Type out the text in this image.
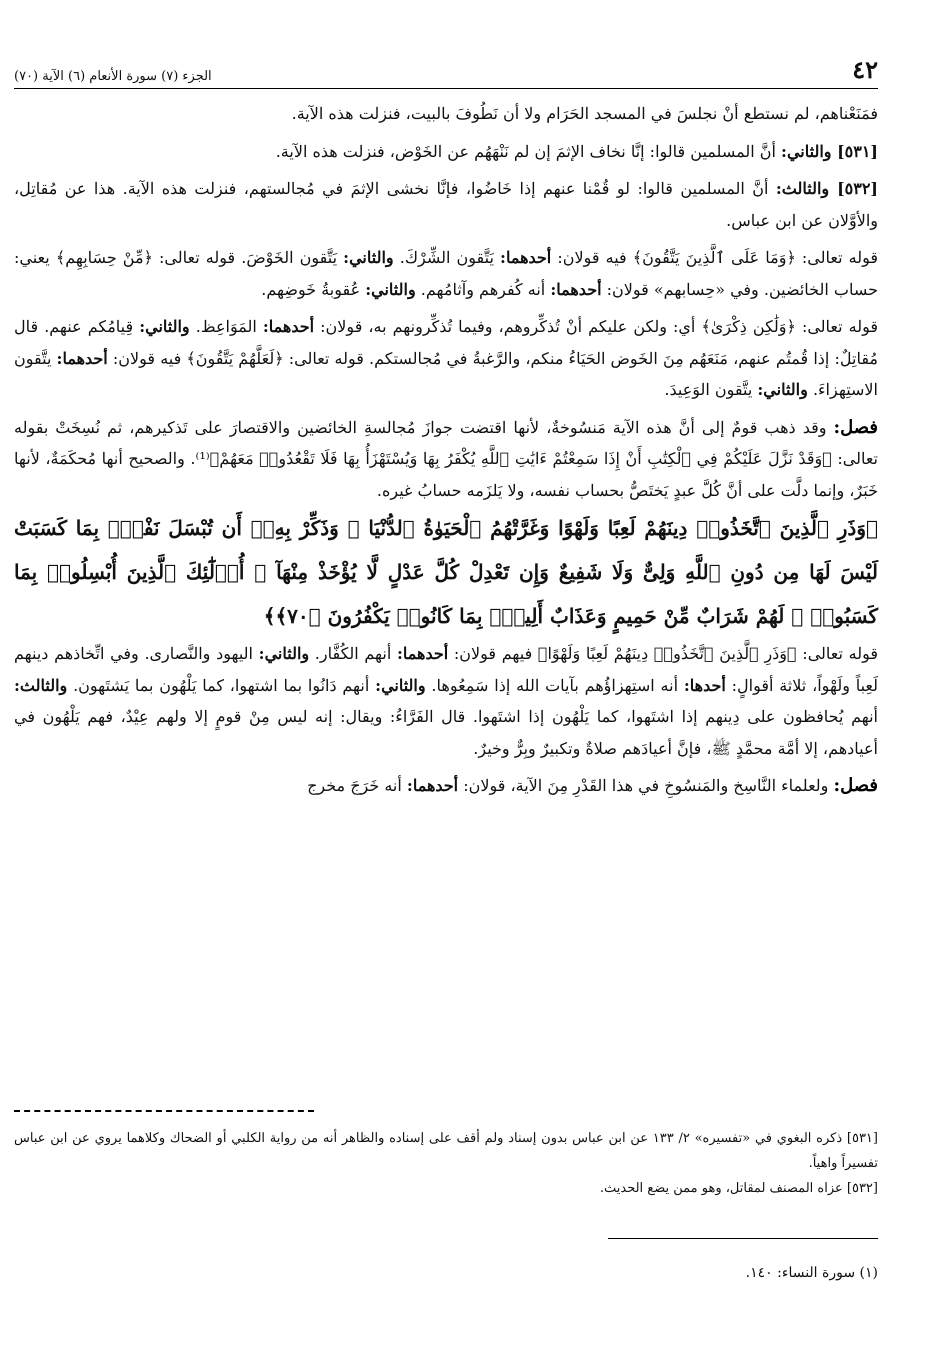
٤٢
الجزء (٧) سورة الأنعام (٦) الآية (٧٠)

فمَنَعْناهم، لم نستطع أنْ نجلسَ في المسجد الحَرَام ولا أن نَطُوفَ بالبيت، فنزلت هذه الآية.

[٥٣١] والثاني: أنَّ المسلمين قالوا: إنَّا نخاف الإثمَ إن لم نَنْهَهُم عن الخَوْض، فنزلت هذه الآية.

[٥٣٢] والثالث: أنَّ المسلمين قالوا: لو قُمْنا عنهم إذا خَاضُوا، فإنَّا نخشى الإثمَ في مُجالستهم، فنزلت هذه الآية. هذا عن مُقاتِل، والأوَّلان عن ابن عباس.

قوله تعالى: ﴿وَمَا عَلَى ٱلَّذِينَ يَتَّقُونَ﴾ فيه قولان: أحدهما: يَتَّقون الشِّرْكَ. والثاني: يَتَّقون الخَوْضَ. قوله تعالى: ﴿مِّنْ حِسَابِهِم﴾ يعني: حساب الخائضين. وفي «حِسابهم» قولان: أحدهما: أنه كُفرهم وآثامُهم. والثاني: عُقوبةُ خَوضِهم.

قوله تعالى: ﴿وَلَٰكِن ذِكْرَىٰ﴾ أي: ولكن عليكم أنْ تُذكِّروهم، وفيما تُذكِّرونهم به، قولان: أحدهما: المَوَاعِظ. والثاني: قِيامُكم عنهم. قال مُقاتِلٌ: إذا قُمتُم عنهم، مَنَعَهُم مِنَ الخَوض الحَيَاءُ منكم، والرَّغبةُ في مُجالستكم. قوله تعالى: ﴿لَعَلَّهُمْ يَتَّقُونَ﴾ فيه قولان: أحدهما: يتَّقون الاستِهزاءَ. والثاني: يتَّقون الوَعِيدَ.

فصل: وقد ذهب قومٌ إلى أنَّ هذه الآية مَنسُوخةٌ، لأنها اقتضت جوازَ مُجالسةِ الخائضين والاقتصارَ على تَذكيرهم، ثم نُسِخَتْ بقوله تعالى: ﴿وَقَدْ نَزَّلَ عَلَيْكُمْ فِي ٱلْكِتَٰبِ أَنْ إِذَا سَمِعْتُمْ ءَايَٰتِ ٱللَّهِ يُكْفَرُ بِهَا وَيُسْتَهْزَأُ بِهَا فَلَا تَقْعُدُوا۟ مَعَهُمْ﴾⁽¹⁾. والصحيح أنها مُحكَمَةٌ، لأنها خَبَرٌ، وإنما دلَّت على أنَّ كُلَّ عبدٍ يَختَصُّ بحساب نفسه، ولا يَلزَمه حسابُ غيره.

﴿وَذَرِ ٱلَّذِينَ ٱتَّخَذُوا۟ دِينَهُمْ لَعِبًا وَلَهْوًا وَغَرَّتْهُمُ ٱلْحَيَوٰةُ ٱلدُّنْيَا ۚ وَذَكِّرْ بِهِۦٓ أَن تُبْسَلَ نَفْسٌۢ بِمَا كَسَبَتْ لَيْسَ لَهَا مِن دُونِ ٱللَّهِ وَلِىٌّ وَلَا شَفِيعٌ وَإِن تَعْدِلْ كُلَّ عَدْلٍ لَّا يُؤْخَذْ مِنْهَآ ۗ أُو۟لَٰٓئِكَ ٱلَّذِينَ أُبْسِلُوا۟ بِمَا كَسَبُوا۟ ۖ لَهُمْ شَرَابٌ مِّنْ حَمِيمٍ وَعَذَابٌ أَلِيمٌۢ بِمَا كَانُوا۟ يَكْفُرُونَ ﴿٧٠﴾﴾

قوله تعالى: ﴿وَذَرِ ٱلَّذِينَ ٱتَّخَذُوا۟ دِينَهُمْ لَعِبًا وَلَهْوًا﴾ فيهم قولان: أحدهما: أنهم الكُفَّار. والثاني: اليهود والنَّصارى. وفي اتِّخاذهم دينهم لَعِباً ولَهْواً، ثلاثة أقوالٍ: أحدها: أنه استِهزاؤُهم بآيات الله إذا سَمِعُوها. والثاني: أنهم دَانُوا بما اشتهوا، كما يَلْهُون بما يَشتَهون. والثالث: أنهم يُحافظون على دِينهم إذا اشتَهوا، كما يَلْهُون إذا اشتَهوا. قال الفَرَّاءُ: ويقال: إنه ليس مِنْ قومٍ إلا ولهم عِيْدٌ، فهم يَلْهُون في أعيادهم، إلا أمَّة محمَّدٍ ﷺ، فإنَّ أعيادَهم صلاةٌ وتكبيرٌ وبِرٌّ وخيرٌ.

فصل: ولعلماء النَّاسِخ والمَنسُوخِ في هذا القَدْرِ مِنَ الآية، قولان: أحدهما: أنه خَرَجَ مخرج

[٥٣١] ذكره البغوي في «تفسيره» ٢/ ١٣٣ عن ابن عباس بدون إسناد ولم أقف على إسناده والظاهر أنه من رواية الكلبي أو الضحاك وكلاهما يروي عن ابن عباس تفسيراً واهياً.

[٥٣٢] عزاه المصنف لمقاتل، وهو ممن يضع الحديث.

(١) سورة النساء: ١٤٠.
